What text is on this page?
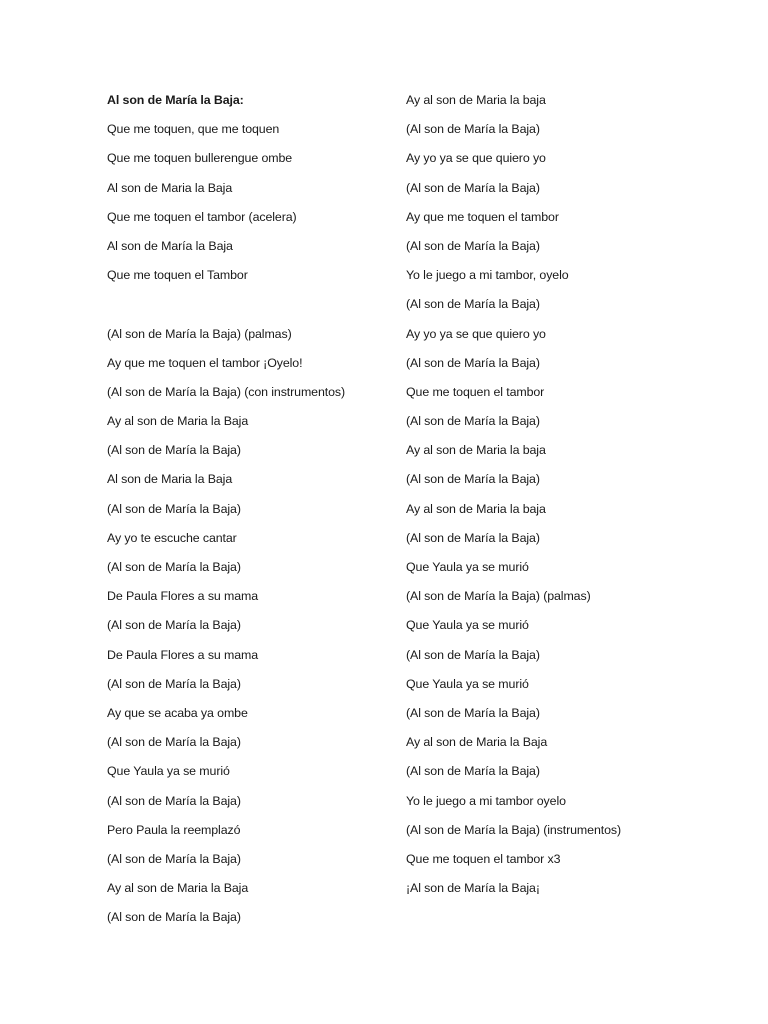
Al son de María la Baja:
Que me toquen, que me toquen
Que me toquen bullerengue ombe
Al son de Maria la Baja
Que me toquen el tambor (acelera)
Al son de María la Baja
Que me toquen el Tambor
(Al son de María la Baja) (palmas)
Ay que me toquen el tambor ¡Oyelo!
(Al son de María la Baja) (con instrumentos)
Ay al son de Maria la Baja
(Al son de María la Baja)
Al son de Maria la Baja
(Al son de María la Baja)
Ay yo te escuche cantar
(Al son de María la Baja)
De Paula Flores a su mama
(Al son de María la Baja)
De Paula Flores a su mama
(Al son de María la Baja)
Ay que se acaba ya ombe
(Al son de María la Baja)
Que Yaula ya se murió
(Al son de María la Baja)
Pero Paula la reemplazó
(Al son de María la Baja)
Ay al son de Maria la Baja
(Al son de María la Baja)
Ay al son de Maria la baja
(Al son de María la Baja)
Ay yo ya se que quiero yo
(Al son de María la Baja)
Ay que me toquen el tambor
(Al son de María la Baja)
Yo le juego a mi tambor, oyelo
(Al son de María la Baja)
Ay yo ya se que quiero yo
(Al son de María la Baja)
Que me toquen el tambor
(Al son de María la Baja)
Ay al son de Maria la baja
(Al son de María la Baja)
Ay al son de Maria la baja
(Al son de María la Baja)
Que Yaula ya se murió
(Al son de María la Baja) (palmas)
Que Yaula ya se murió
(Al son de María la Baja)
Que Yaula ya se murió
(Al son de María la Baja)
Ay al son de Maria la Baja
(Al son de María la Baja)
Yo le juego a mi tambor oyelo
(Al son de María la Baja) (instrumentos)
Que me toquen el tambor x3
¡Al son de María la Baja¡
